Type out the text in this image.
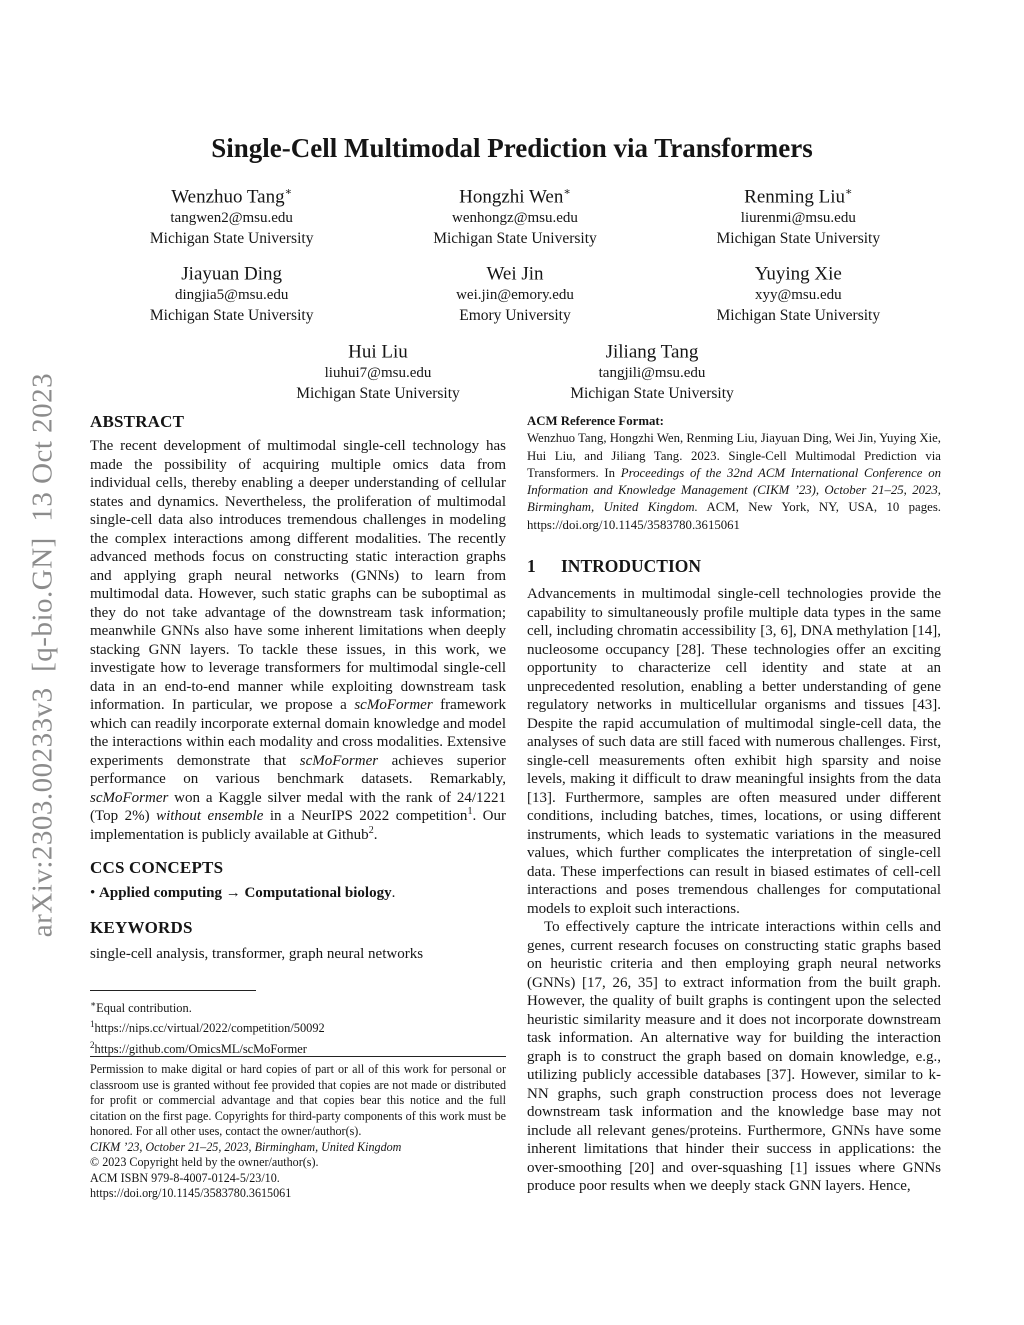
arXiv:2303.00233v3  [q-bio.GN]  13 Oct 2023
Single-Cell Multimodal Prediction via Transformers
Wenzhuo Tang∗
tangwen2@msu.edu
Michigan State University
Hongzhi Wen∗
wenhongz@msu.edu
Michigan State University
Renming Liu∗
liurenmi@msu.edu
Michigan State University
Jiayuan Ding
dingjia5@msu.edu
Michigan State University
Wei Jin
wei.jin@emory.edu
Emory University
Yuying Xie
xyy@msu.edu
Michigan State University
Hui Liu
liuhui7@msu.edu
Michigan State University
Jiliang Tang
tangjili@msu.edu
Michigan State University
ABSTRACT

The recent development of multimodal single-cell technology has made the possibility of acquiring multiple omics data from individual cells, thereby enabling a deeper understanding of cellular states and dynamics. Nevertheless, the proliferation of multimodal single-cell data also introduces tremendous challenges in modeling the complex interactions among different modalities. The recently advanced methods focus on constructing static interaction graphs and applying graph neural networks (GNNs) to learn from multimodal data. However, such static graphs can be suboptimal as they do not take advantage of the downstream task information; meanwhile GNNs also have some inherent limitations when deeply stacking GNN layers. To tackle these issues, in this work, we investigate how to leverage transformers for multimodal single-cell data in an end-to-end manner while exploiting downstream task information. In particular, we propose a scMoFormer framework which can readily incorporate external domain knowledge and model the interactions within each modality and cross modalities. Extensive experiments demonstrate that scMoFormer achieves superior performance on various benchmark datasets. Remarkably, scMoFormer won a Kaggle silver medal with the rank of 24/1221 (Top 2%) without ensemble in a NeurIPS 2022 competition$^1$. Our implementation is publicly available at Github$^2$.

CCS CONCEPTS

• Applied computing → Computational biology.

KEYWORDS

single-cell analysis, transformer, graph neural networks

∗Equal contribution.
$^1$https://nips.cc/virtual/2022/competition/50092
$^2$https://github.com/OmicsML/scMoFormer

Permission to make digital or hard copies of part or all of this work for personal or classroom use is granted without fee provided that copies are not made or distributed for profit or commercial advantage and that copies bear this notice and the full citation on the first page. Copyrights for third-party components of this work must be honored. For all other uses, contact the owner/author(s).

CIKM ’23, October 21–25, 2023, Birmingham, United Kingdom
© 2023 Copyright held by the owner/author(s).
ACM ISBN 979-8-4007-0124-5/23/10.
https://doi.org/10.1145/3583780.3615061

ACM Reference Format:

Wenzhuo Tang, Hongzhi Wen, Renming Liu, Jiayuan Ding, Wei Jin, Yuying Xie, Hui Liu, and Jiliang Tang. 2023. Single-Cell Multimodal Prediction via Transformers. In Proceedings of the 32nd ACM International Conference on Information and Knowledge Management (CIKM ’23), October 21–25, 2023, Birmingham, United Kingdom. ACM, New York, NY, USA, 10 pages. https://doi.org/10.1145/3583780.3615061

1 INTRODUCTION

Advancements in multimodal single-cell technologies provide the capability to simultaneously profile multiple data types in the same cell, including chromatin accessibility [3, 6], DNA methylation [14], nucleosome occupancy [28]. These technologies offer an exciting opportunity to characterize cell identity and state at an unprecedented resolution, enabling a better understanding of gene regulatory networks in multicellular organisms and tissues [43]. Despite the rapid accumulation of multimodal single-cell data, the analyses of such data are still faced with numerous challenges. First, single-cell measurements often exhibit high sparsity and noise levels, making it difficult to draw meaningful insights from the data [13]. Furthermore, samples are often measured under different conditions, including batches, times, locations, or using different instruments, which leads to systematic variations in the measured values, which further complicates the interpretation of single-cell data. These imperfections can result in biased estimates of cell-cell interactions and poses tremendous challenges for computational models to exploit such interactions.

To effectively capture the intricate interactions within cells and genes, current research focuses on constructing static graphs based on heuristic criteria and then employing graph neural networks (GNNs) [17, 26, 35] to extract information from the built graph. However, the quality of built graphs is contingent upon the selected heuristic similarity measure and it does not incorporate downstream task information. An alternative way for building the interaction graph is to construct the graph based on domain knowledge, e.g., utilizing publicly accessible databases [37]. However, similar to k-NN graphs, such graph construction process does not leverage downstream task information and the knowledge base may not include all relevant genes/proteins. Furthermore, GNNs have some inherent limitations that hinder their success in applications: the over-smoothing [20] and over-squashing [1] issues where GNNs produce poor results when we deeply stack GNN layers. Hence,
